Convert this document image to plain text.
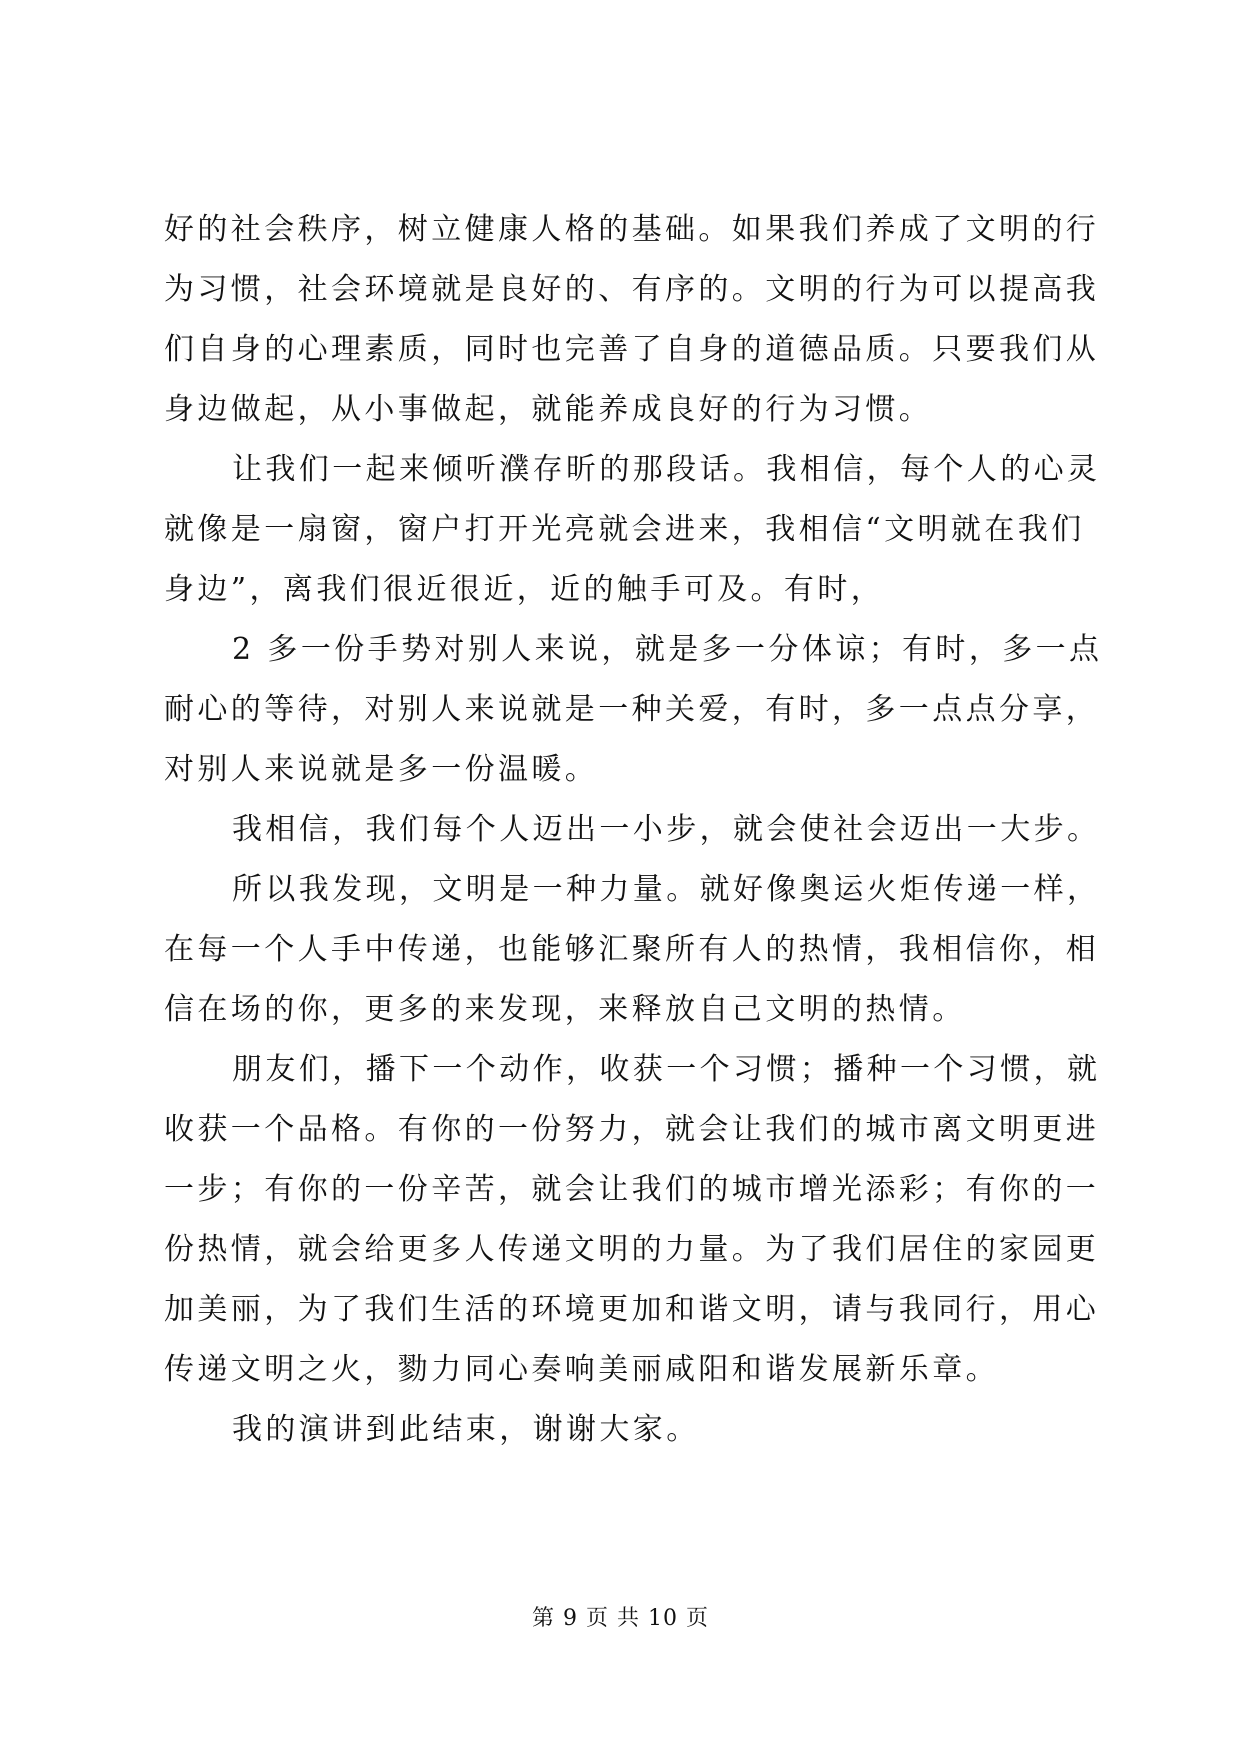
好的社会秩序，树立健康人格的基础。如果我们养成了文明的行
为习惯，社会环境就是良好的、有序的。文明的行为可以提高我
们自身的心理素质，同时也完善了自身的道德品质。只要我们从
身边做起，从小事做起，就能养成良好的行为习惯。
让我们一起来倾听濮存昕的那段话。我相信，每个人的心灵
就像是一扇窗，窗户打开光亮就会进来，我相信“文明就在我们
身边”，离我们很近很近，近的触手可及。有时，
2 多一份手势对别人来说，就是多一分体谅；有时，多一点
耐心的等待，对别人来说就是一种关爱，有时，多一点点分享，
对别人来说就是多一份温暖。
我相信，我们每个人迈出一小步，就会使社会迈出一大步。
所以我发现，文明是一种力量。就好像奥运火炬传递一样，
在每一个人手中传递，也能够汇聚所有人的热情，我相信你，相
信在场的你，更多的来发现，来释放自己文明的热情。
朋友们，播下一个动作，收获一个习惯；播种一个习惯，就
收获一个品格。有你的一份努力，就会让我们的城市离文明更进
一步；有你的一份辛苦，就会让我们的城市增光添彩；有你的一
份热情，就会给更多人传递文明的力量。为了我们居住的家园更
加美丽，为了我们生活的环境更加和谐文明，请与我同行，用心
传递文明之火，勠力同心奏响美丽咸阳和谐发展新乐章。
我的演讲到此结束，谢谢大家。
第 9 页 共 10 页
